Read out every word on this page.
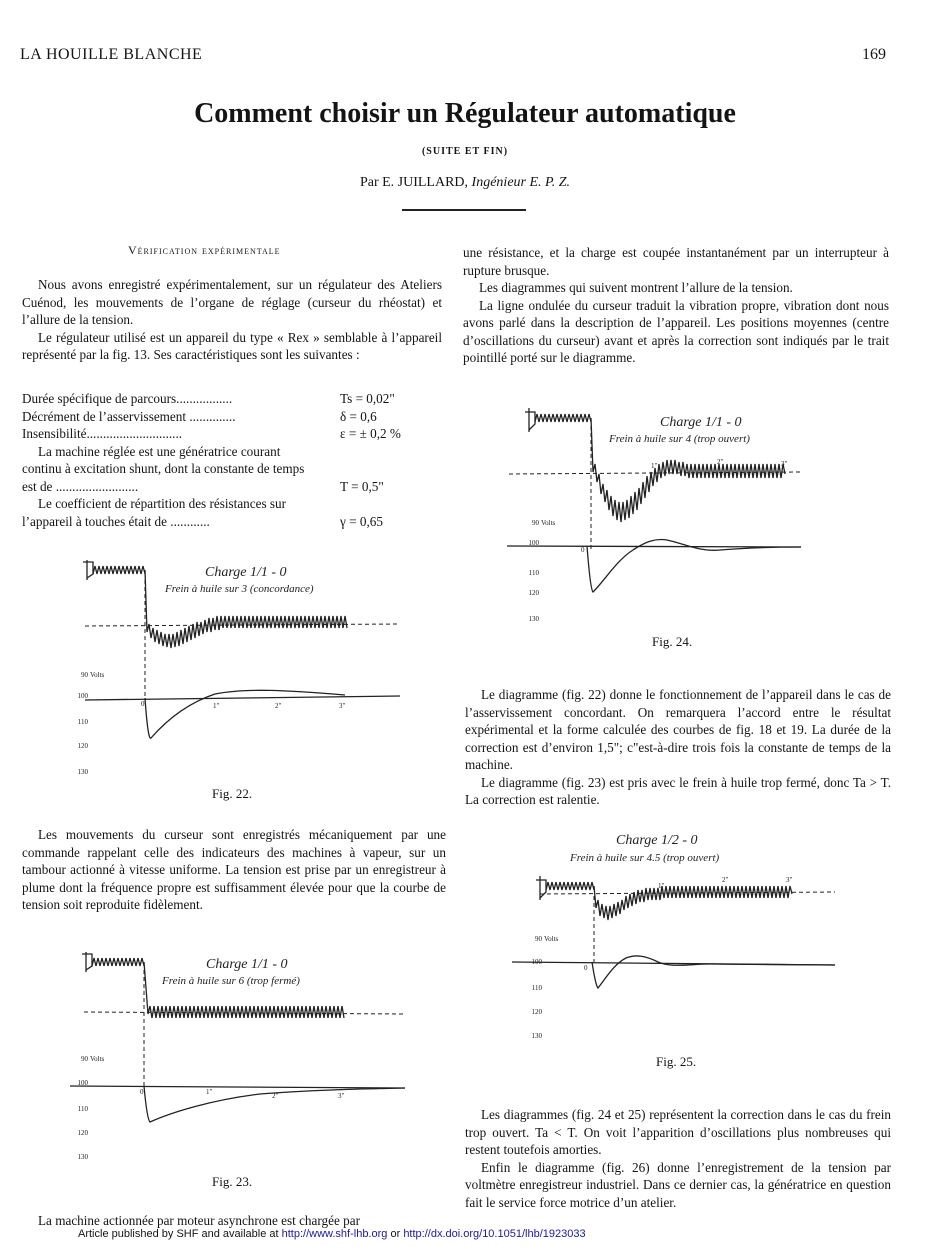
LA HOUILLE BLANCHE	169
Comment choisir un Régulateur automatique
(SUITE ET FIN)
Par E. JUILLARD, Ingénieur E. P. Z.
Vérification expérimentale

Nous avons enregistré expérimentalement, sur un régulateur des Ateliers Cuénod, les mouvements de l’organe de réglage (curseur du rhéostat) et l’allure de la tension.

Le régulateur utilisé est un appareil du type « Rex » semblable à l’appareil représenté par la fig. 13. Ses caractéristiques sont les suivantes :

Durée spécifique de parcours.................	Ts = 0,02"
Décrément de l’asservissement ..............	δ = 0,6
Insensibilité.............................	ε = ± 0,2 %
La machine réglée est une génératrice courant continu à excitation shunt, dont la constante de temps est de .........................	T = 0,5"
Le coefficient de répartition des résistances sur l’appareil à touches était de ............	γ = 0,65
Volts
90
100
110
120
130
0	1"	2"	3"
Charge 1/1 - 0
Frein à huile sur 3 (concordance)
Fig. 22.

Les mouvements du curseur sont enregistrés mécaniquement par une commande rappelant celle des indicateurs des machines à vapeur, sur un tambour actionné à vitesse uniforme. La tension est prise par un enregistreur à plume dont la fréquence propre est suffisamment élevée pour que la courbe de tension soit reproduite fidèlement.

Volts
90
100
110
120
130
0	1"	2"	3"
Charge 1/1 - 0
Frein à huile sur 6 (trop fermé)
Fig. 23.

La machine actionnée par moteur asynchrone est chargée par

une résistance, et la charge est coupée instantanément par un interrupteur à rupture brusque.

Les diagrammes qui suivent montrent l’allure de la tension.

La ligne ondulée du curseur traduit la vibration propre, vibration dont nous avons parlé dans la description de l’appareil. Les positions moyennes (centre d’oscillations du curseur) avant et après la correction sont indiqués par le trait pointillé porté sur le diagramme.

Volts
90
100
110
120
130
0
1"	2"	3"
Charge 1/1 - 0
Frein à huile sur 4 (trop ouvert)
Fig. 24.

Le diagramme (fig. 22) donne le fonctionnement de l’appareil dans le cas de l’asservissement concordant. On remarquera l’accord entre le résultat expérimental et la forme calculée des courbes de fig. 18 et 19. La durée de la correction est d’environ 1,5"; c"est-à-dire trois fois la constante de temps de la machine.

Le diagramme (fig. 23) est pris avec le frein à huile trop fermé, donc Ta > T. La correction est ralentie.

Volts
90
100
110
120
130
0
1"
2"	3"
Charge 1/2 - 0
Frein à huile sur 4.5 (trop ouvert)
Fig. 25.

Les diagrammes (fig. 24 et 25) représentent la correction dans le cas du frein trop ouvert. Ta < T. On voit l’apparition d’oscillations plus nombreuses qui restent toutefois amorties.

Enfin le diagramme (fig. 26) donne l’enregistrement de la tension par voltmètre enregistreur industriel. Dans ce dernier cas, la génératrice en question fait le service force motrice d’un atelier.

Article published by SHF and available at http://www.shf-lhb.org or http://dx.doi.org/10.1051/lhb/1923033
